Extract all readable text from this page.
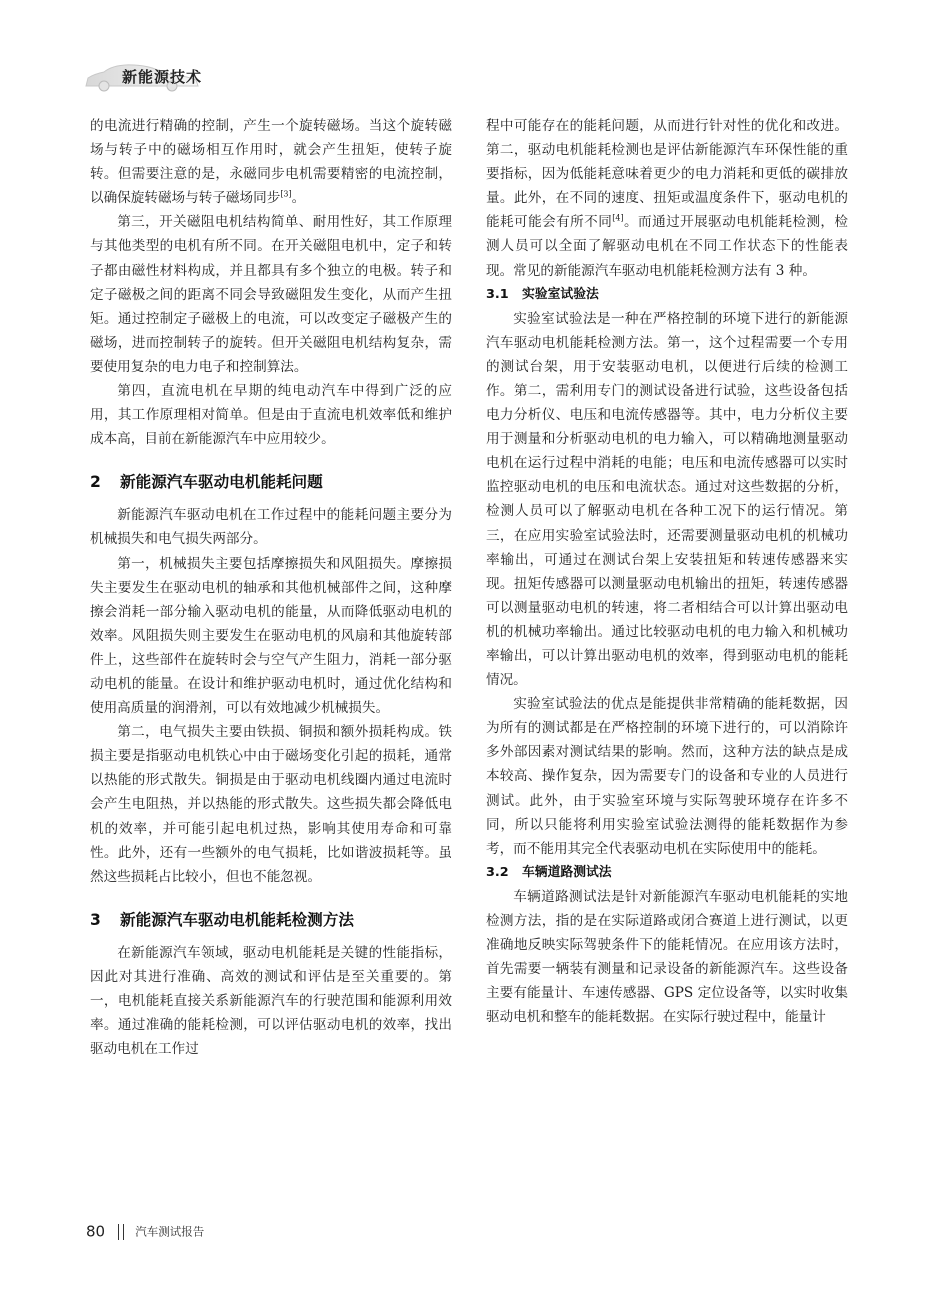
新能源技术

的电流进行精确的控制，产生一个旋转磁场。当这个旋转磁场与转子中的磁场相互作用时，就会产生扭矩，使转子旋转。但需要注意的是，永磁同步电机需要精密的电流控制，以确保旋转磁场与转子磁场同步[3]。

第三，开关磁阻电机结构简单、耐用性好，其工作原理与其他类型的电机有所不同。在开关磁阻电机中，定子和转子都由磁性材料构成，并且都具有多个独立的电极。转子和定子磁极之间的距离不同会导致磁阻发生变化，从而产生扭矩。通过控制定子磁极上的电流，可以改变定子磁极产生的磁场，进而控制转子的旋转。但开关磁阻电机结构复杂，需要使用复杂的电力电子和控制算法。

第四，直流电机在早期的纯电动汽车中得到广泛的应用，其工作原理相对简单。但是由于直流电机效率低和维护成本高，目前在新能源汽车中应用较少。

2 新能源汽车驱动电机能耗问题

新能源汽车驱动电机在工作过程中的能耗问题主要分为机械损失和电气损失两部分。

第一，机械损失主要包括摩擦损失和风阻损失。摩擦损失主要发生在驱动电机的轴承和其他机械部件之间，这种摩擦会消耗一部分输入驱动电机的能量，从而降低驱动电机的效率。风阻损失则主要发生在驱动电机的风扇和其他旋转部件上，这些部件在旋转时会与空气产生阻力，消耗一部分驱动电机的能量。在设计和维护驱动电机时，通过优化结构和使用高质量的润滑剂，可以有效地减少机械损失。

第二，电气损失主要由铁损、铜损和额外损耗构成。铁损主要是指驱动电机铁心中由于磁场变化引起的损耗，通常以热能的形式散失。铜损是由于驱动电机线圈内通过电流时会产生电阻热，并以热能的形式散失。这些损失都会降低电机的效率，并可能引起电机过热，影响其使用寿命和可靠性。此外，还有一些额外的电气损耗，比如谐波损耗等。虽然这些损耗占比较小，但也不能忽视。

3 新能源汽车驱动电机能耗检测方法

在新能源汽车领域，驱动电机能耗是关键的性能指标，因此对其进行准确、高效的测试和评估是至关重要的。第一，电机能耗直接关系新能源汽车的行驶范围和能源利用效率。通过准确的能耗检测，可以评估驱动电机的效率，找出驱动电机在工作过

程中可能存在的能耗问题，从而进行针对性的优化和改进。第二，驱动电机能耗检测也是评估新能源汽车环保性能的重要指标，因为低能耗意味着更少的电力消耗和更低的碳排放量。此外，在不同的速度、扭矩或温度条件下，驱动电机的能耗可能会有所不同[4]。而通过开展驱动电机能耗检测，检测人员可以全面了解驱动电机在不同工作状态下的性能表现。常见的新能源汽车驱动电机能耗检测方法有 3 种。

3.1 实验室试验法

实验室试验法是一种在严格控制的环境下进行的新能源汽车驱动电机能耗检测方法。第一，这个过程需要一个专用的测试台架，用于安装驱动电机，以便进行后续的检测工作。第二，需利用专门的测试设备进行试验，这些设备包括电力分析仪、电压和电流传感器等。其中，电力分析仪主要用于测量和分析驱动电机的电力输入，可以精确地测量驱动电机在运行过程中消耗的电能；电压和电流传感器可以实时监控驱动电机的电压和电流状态。通过对这些数据的分析，检测人员可以了解驱动电机在各种工况下的运行情况。第三，在应用实验室试验法时，还需要测量驱动电机的机械功率输出，可通过在测试台架上安装扭矩和转速传感器来实现。扭矩传感器可以测量驱动电机输出的扭矩，转速传感器可以测量驱动电机的转速，将二者相结合可以计算出驱动电机的机械功率输出。通过比较驱动电机的电力输入和机械功率输出，可以计算出驱动电机的效率，得到驱动电机的能耗情况。

实验室试验法的优点是能提供非常精确的能耗数据，因为所有的测试都是在严格控制的环境下进行的，可以消除许多外部因素对测试结果的影响。然而，这种方法的缺点是成本较高、操作复杂，因为需要专门的设备和专业的人员进行测试。此外，由于实验室环境与实际驾驶环境存在许多不同，所以只能将利用实验室试验法测得的能耗数据作为参考，而不能用其完全代表驱动电机在实际使用中的能耗。

3.2 车辆道路测试法

车辆道路测试法是针对新能源汽车驱动电机能耗的实地检测方法，指的是在实际道路或闭合赛道上进行测试，以更准确地反映实际驾驶条件下的能耗情况。在应用该方法时，首先需要一辆装有测量和记录设备的新能源汽车。这些设备主要有能量计、车速传感器、GPS 定位设备等，以实时收集驱动电机和整车的能耗数据。在实际行驶过程中，能量计

80	汽车测试报告
